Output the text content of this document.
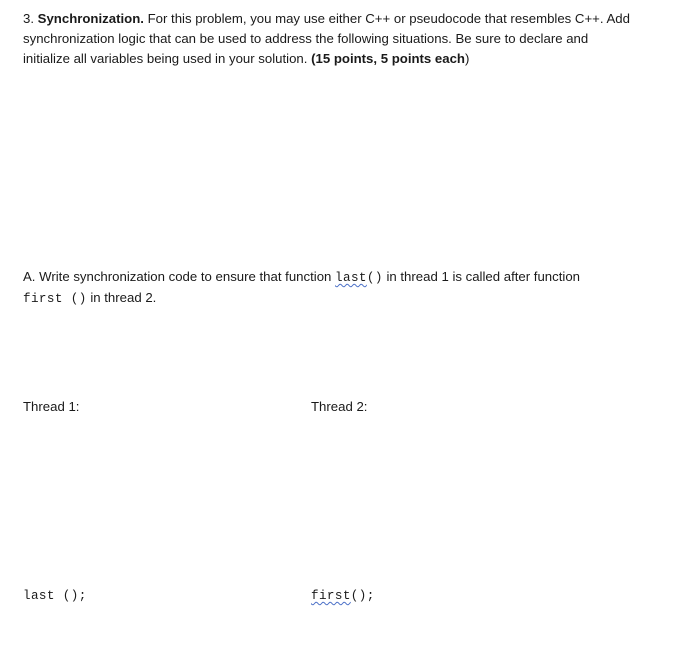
3. Synchronization. For this problem, you may use either C++ or pseudocode that resembles C++. Add
synchronization logic that can be used to address the following situations. Be sure to declare and
initialize all variables being used in your solution. (15 points, 5 points each)

A. Write synchronization code to ensure that function last() in thread 1 is called after function
first () in thread 2.

Thread 1:	Thread 2:
last ();	first();
